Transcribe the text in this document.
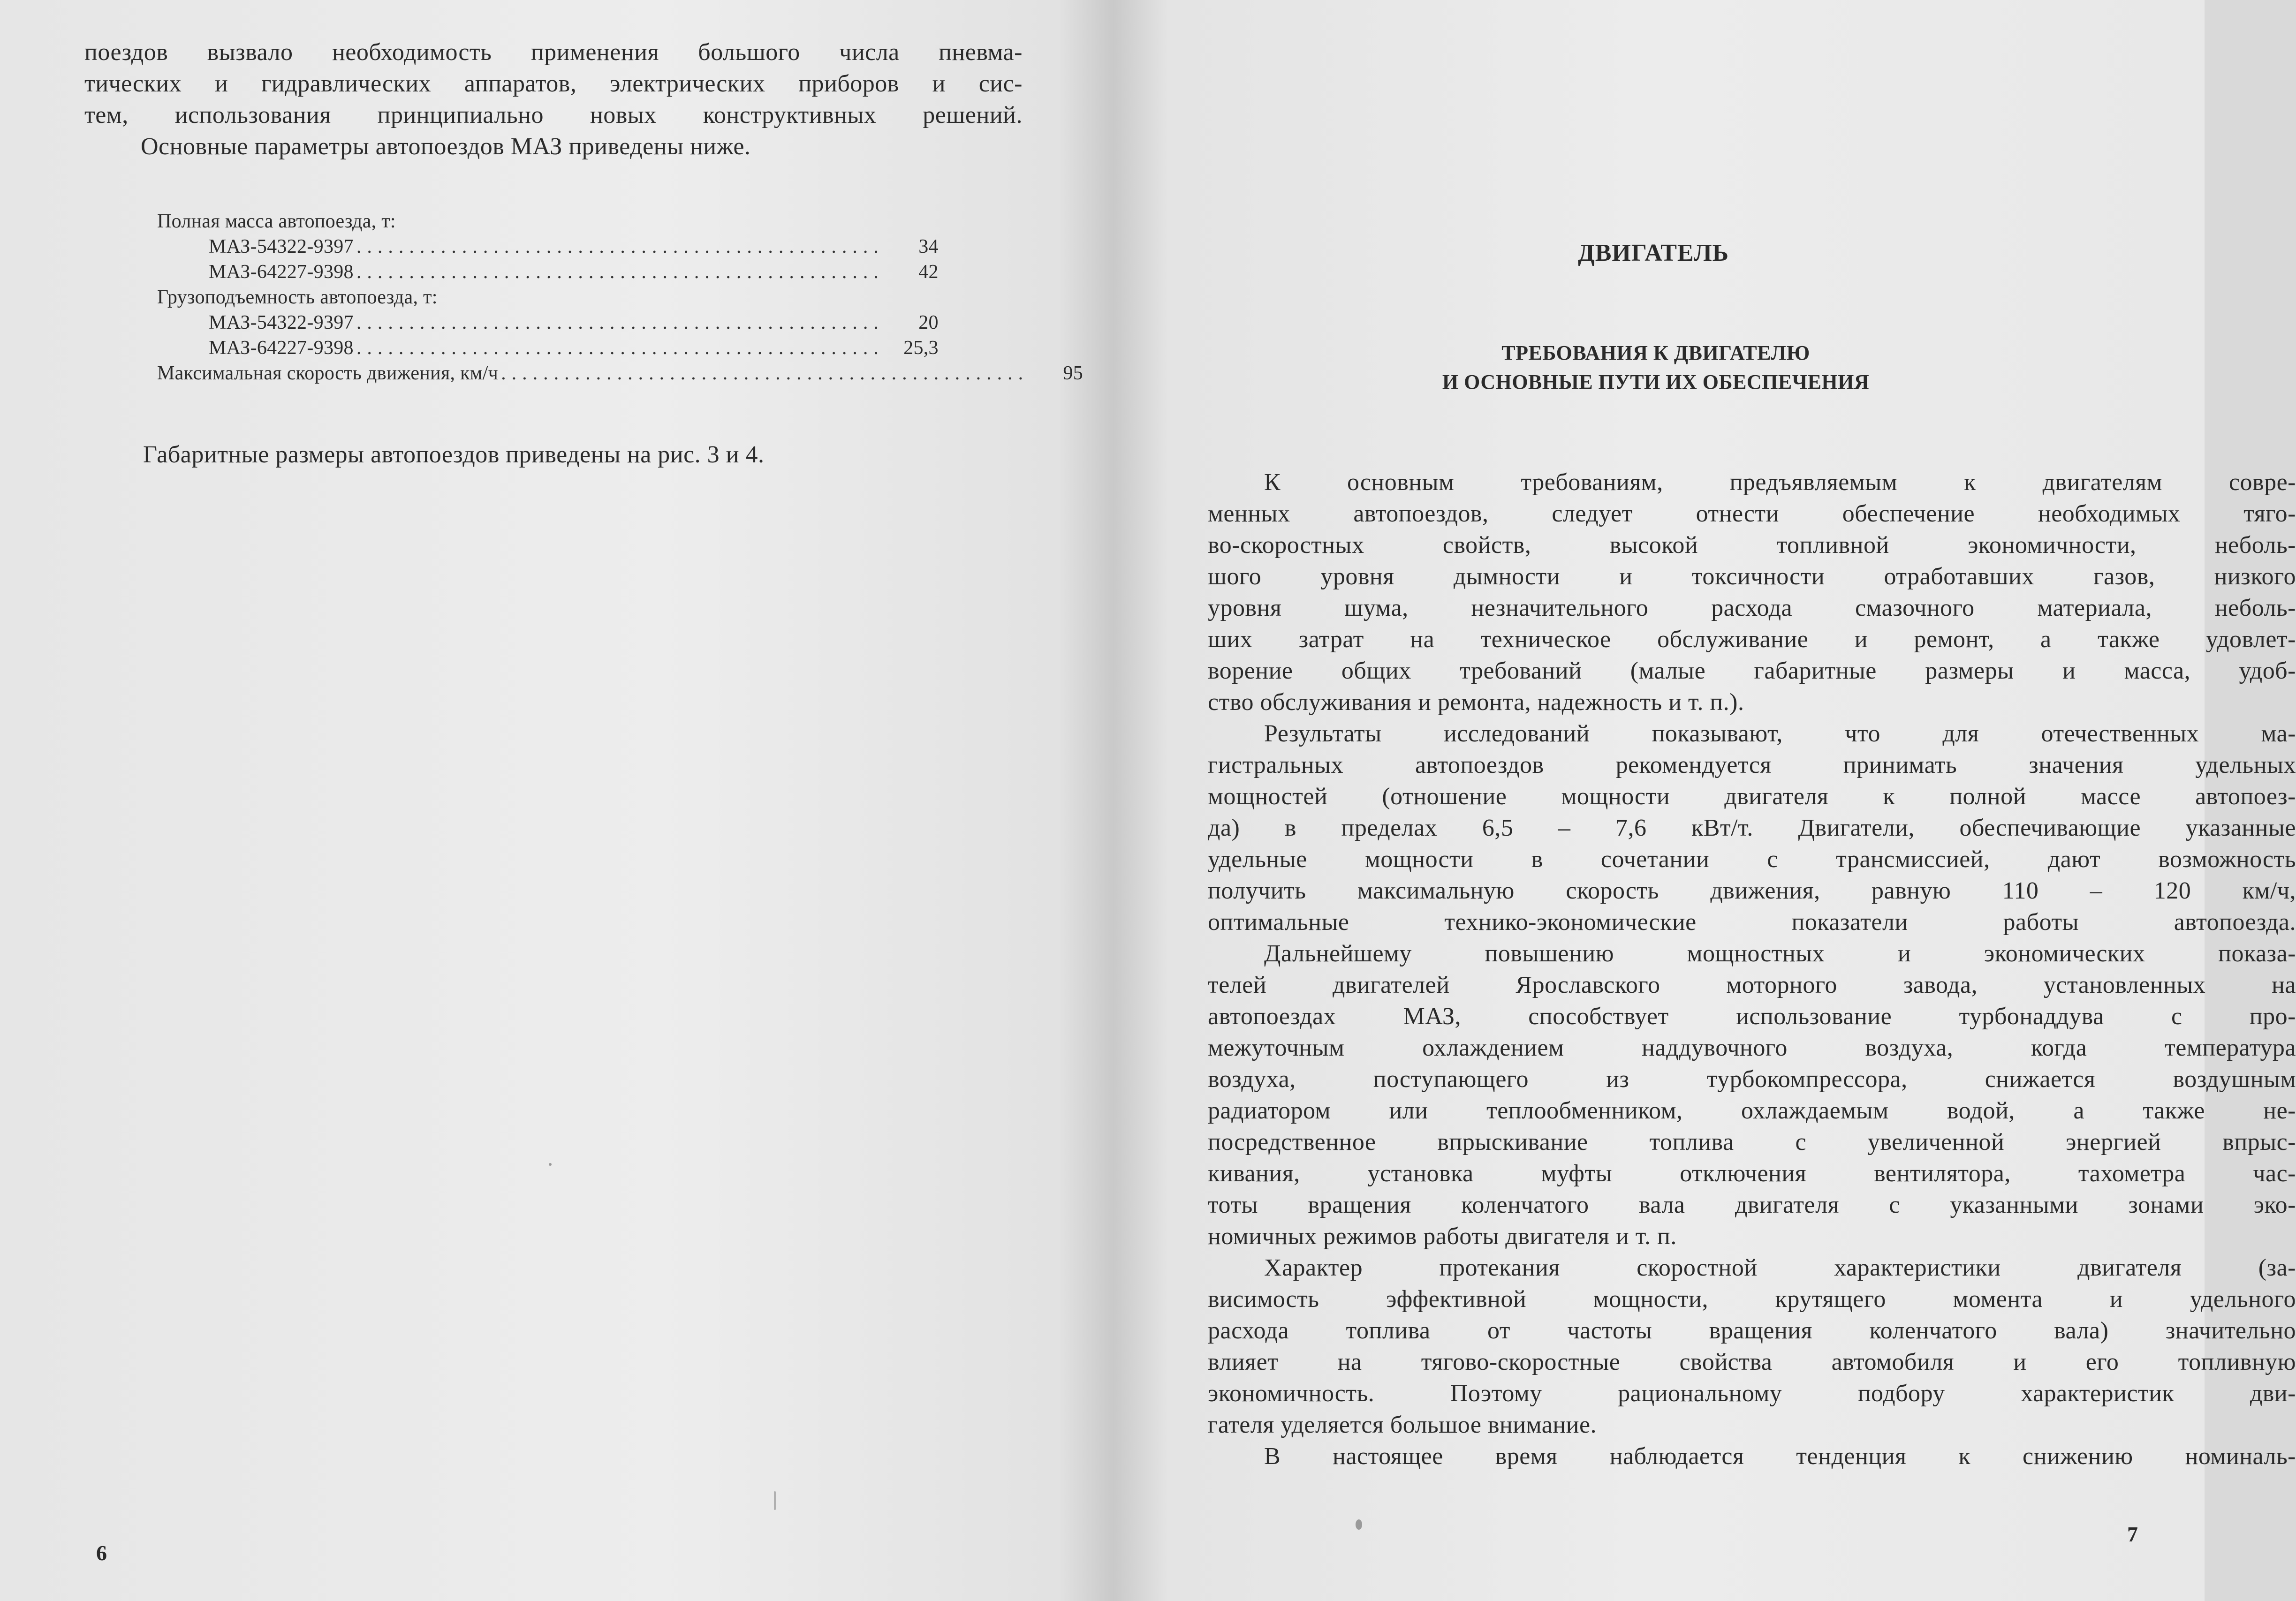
поездов вызвало необходимость применения большого числа пневма-
тических и гидравлических аппаратов, электрических приборов и сис-
тем, использования принципиально новых конструктивных решений.
Основные параметры автопоездов МАЗ приведены ниже.
Полная масса автопоезда, т:
МАЗ-54322-9397 ..................................................	34
МАЗ-64227-9398 ..................................................	42
Грузоподъемность автопоезда, т:
МАЗ-54322-9397 ..................................................	20
МАЗ-64227-9398 .................................................. 25,3
Максимальная скорость движения, км/ч ..................................................	95
Габаритные размеры автопоездов приведены на рис. 3 и 4.
6
ДВИГАТЕЛЬ
ТРЕБОВАНИЯ К ДВИГАТЕЛЮ
И ОСНОВНЫЕ ПУТИ ИХ ОБЕСПЕЧЕНИЯ
К основным требованиям, предъявляемым к двигателям совре-
менных автопоездов, следует отнести обеспечение необходимых тяго-
во-скоростных свойств, высокой топливной экономичности, неболь-
шого уровня дымности и токсичности отработавших газов, низкого
уровня шума, незначительного расхода смазочного материала, неболь-
ших затрат на техническое обслуживание и ремонт, а также удовлет-
ворение общих требований (малые габаритные размеры и масса, удоб-
ство обслуживания и ремонта, надежность и т. п.).
Результаты исследований показывают, что для отечественных ма-
гистральных автопоездов рекомендуется принимать значения удельных
мощностей (отношение мощности двигателя к полной массе автопоез-
да) в пределах 6,5 – 7,6 кВт/т. Двигатели, обеспечивающие указанные
удельные мощности в сочетании с трансмиссией, дают возможность
получить максимальную скорость движения, равную 110 – 120 км/ч,
оптимальные технико-экономические показатели работы автопоезда.
Дальнейшему повышению мощностных и экономических показа-
телей двигателей Ярославского моторного завода, установленных на
автопоездах МАЗ, способствует использование турбонаддува с про-
межуточным охлаждением наддувочного воздуха, когда температура
воздуха, поступающего из турбокомпрессора, снижается воздушным
радиатором или теплообменником, охлаждаемым водой, а также не-
посредственное впрыскивание топлива с увеличенной энергией впрыс-
кивания, установка муфты отключения вентилятора, тахометра час-
тоты вращения коленчатого вала двигателя с указанными зонами эко-
номичных режимов работы двигателя и т. п.
Характер протекания скоростной характеристики двигателя (за-
висимость эффективной мощности, крутящего момента и удельного
расхода топлива от частоты вращения коленчатого вала) значительно
влияет на тягово-скоростные свойства автомобиля и его топливную
экономичность. Поэтому рациональному подбору характеристик дви-
гателя уделяется большое внимание.
В настоящее время наблюдается тенденция к снижению номиналь-
7
